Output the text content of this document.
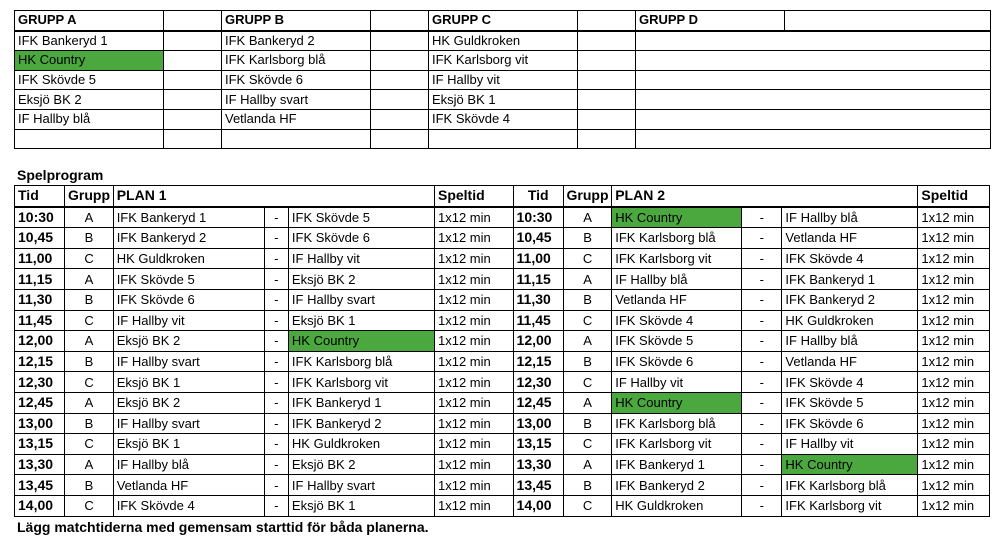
GRUPP A		GRUPP B		GRUPP C		GRUPP D	
IFK Bankeryd 1		IFK Bankeryd 2		HK Guldkroken			
HK Country		IFK Karlsborg blå		IFK Karlsborg vit			
IFK Skövde 5		IFK Skövde 6		IF Hallby vit			
Eksjö BK 2		IF Hallby svart		Eksjö BK 1			
IF Hallby blå		Vetlanda HF		IFK Skövde 4			

Spelprogram
Tid	Grupp	PLAN 1			Speltid	Tid	Grupp	PLAN 2			Speltid
10:30	A	IFK Bankeryd 1	-	IFK Skövde 5	1x12 min	10:30	A	HK Country	-	IF Hallby blå	1x12 min
10,45	B	IFK Bankeryd 2	-	IFK Skövde 6	1x12 min	10,45	B	IFK Karlsborg blå	-	Vetlanda HF	1x12 min
11,00	C	HK Guldkroken	-	IF Hallby vit	1x12 min	11,00	C	IFK Karlsborg vit	-	IFK Skövde 4	1x12 min
11,15	A	IFK Skövde 5	-	Eksjö BK 2	1x12 min	11,15	A	IF Hallby blå	-	IFK Bankeryd 1	1x12 min
11,30	B	IFK Skövde 6	-	IF Hallby svart	1x12 min	11,30	B	Vetlanda HF	-	IFK Bankeryd 2	1x12 min
11,45	C	IF Hallby vit	-	Eksjö BK 1	1x12 min	11,45	C	IFK Skövde 4	-	HK Guldkroken	1x12 min
12,00	A	Eksjö BK 2	-	HK Country	1x12 min	12,00	A	IFK Skövde 5	-	IF Hallby blå	1x12 min
12,15	B	IF Hallby svart	-	IFK Karlsborg blå	1x12 min	12,15	B	IFK Skövde 6	-	Vetlanda HF	1x12 min
12,30	C	Eksjö BK 1	-	IFK Karlsborg vit	1x12 min	12,30	C	IF Hallby vit	-	IFK Skövde 4	1x12 min
12,45	A	Eksjö BK 2	-	IFK Bankeryd 1	1x12 min	12,45	A	HK Country	-	IFK Skövde 5	1x12 min
13,00	B	IF Hallby svart	-	IFK Bankeryd 2	1x12 min	13,00	B	IFK Karlsborg blå	-	IFK Skövde 6	1x12 min
13,15	C	Eksjö BK 1	-	HK Guldkroken	1x12 min	13,15	C	IFK Karlsborg vit	-	IF Hallby vit	1x12 min
13,30	A	IF Hallby blå	-	Eksjö BK 2	1x12 min	13,30	A	IFK Bankeryd 1	-	HK Country	1x12 min
13,45	B	Vetlanda HF	-	IF Hallby svart	1x12 min	13,45	B	IFK Bankeryd 2	-	IFK Karlsborg blå	1x12 min
14,00	C	IFK Skövde 4	-	Eksjö BK 1	1x12 min	14,00	C	HK Guldkroken	-	IFK Karlsborg vit	1x12 min
Lägg matchtiderna med gemensam starttid för båda planerna.
